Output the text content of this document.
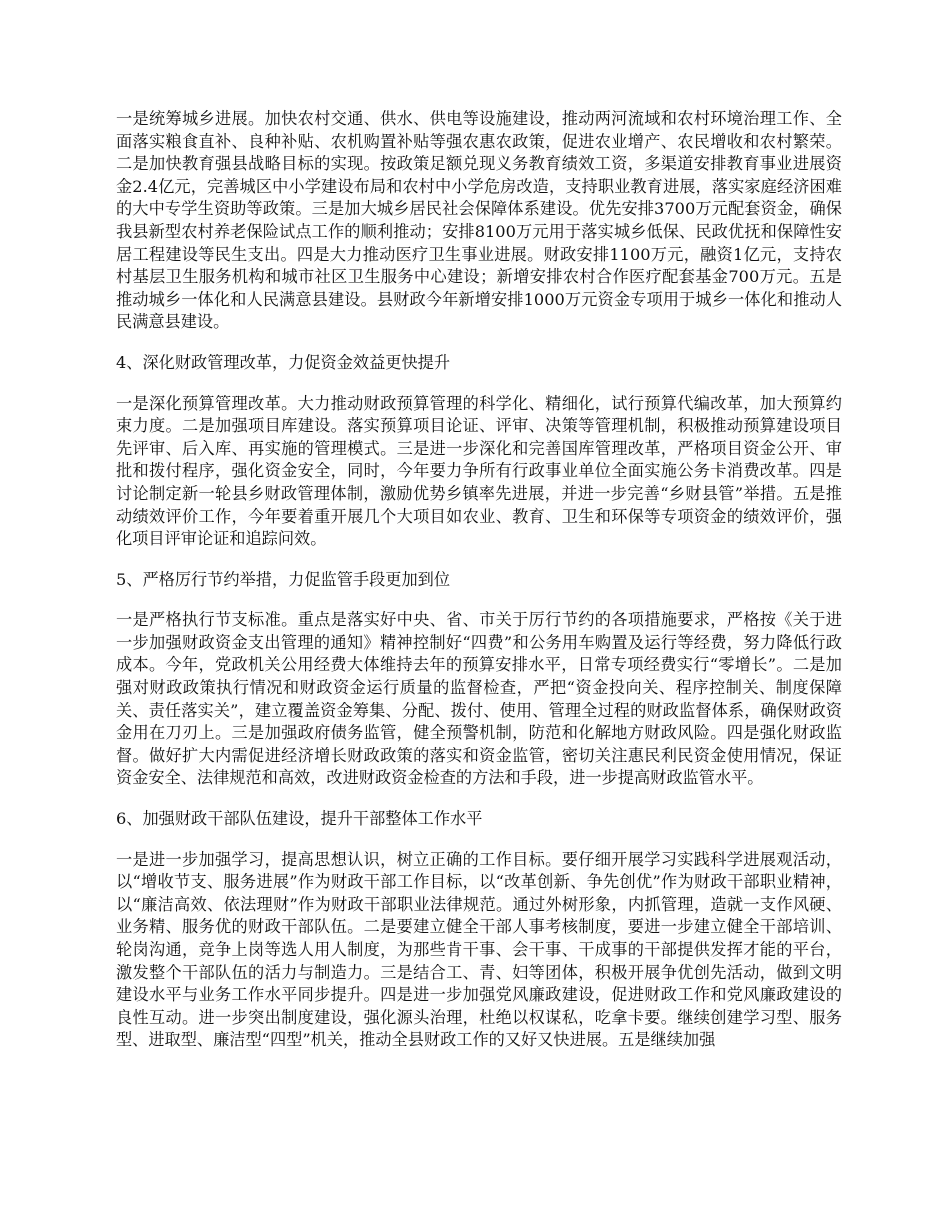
一是统筹城乡进展。加快农村交通、供水、供电等设施建设，推动两河流域和农村环境治理工作、全面落实粮食直补、良种补贴、农机购置补贴等强农惠农政策，促进农业增产、农民增收和农村繁荣。二是加快教育强县战略目标的实现。按政策足额兑现义务教育绩效工资，多渠道安排教育事业进展资金2.4亿元，完善城区中小学建设布局和农村中小学危房改造，支持职业教育进展，落实家庭经济困难的大中专学生资助等政策。三是加大城乡居民社会保障体系建设。优先安排3700万元配套资金，确保我县新型农村养老保险试点工作的顺利推动；安排8100万元用于落实城乡低保、民政优抚和保障性安居工程建设等民生支出。四是大力推动医疗卫生事业进展。财政安排1100万元，融资1亿元，支持农村基层卫生服务机构和城市社区卫生服务中心建设；新增安排农村合作医疗配套基金700万元。五是推动城乡一体化和人民满意县建设。县财政今年新增安排1000万元资金专项用于城乡一体化和推动人民满意县建设。

4、深化财政管理改革，力促资金效益更快提升

一是深化预算管理改革。大力推动财政预算管理的科学化、精细化，试行预算代编改革，加大预算约束力度。二是加强项目库建设。落实预算项目论证、评审、决策等管理机制，积极推动预算建设项目先评审、后入库、再实施的管理模式。三是进一步深化和完善国库管理改革，严格项目资金公开、审批和拨付程序，强化资金安全，同时，今年要力争所有行政事业单位全面实施公务卡消费改革。四是讨论制定新一轮县乡财政管理体制，激励优势乡镇率先进展，并进一步完善“乡财县管”举措。五是推动绩效评价工作，今年要着重开展几个大项目如农业、教育、卫生和环保等专项资金的绩效评价，强化项目评审论证和追踪问效。

5、严格厉行节约举措，力促监管手段更加到位

一是严格执行节支标准。重点是落实好中央、省、市关于厉行节约的各项措施要求，严格按《关于进一步加强财政资金支出管理的通知》精神控制好“四费”和公务用车购置及运行等经费，努力降低行政成本。今年，党政机关公用经费大体维持去年的预算安排水平，日常专项经费实行“零增长”。二是加强对财政政策执行情况和财政资金运行质量的监督检查，严把“资金投向关、程序控制关、制度保障关、责任落实关”，建立覆盖资金筹集、分配、拨付、使用、管理全过程的财政监督体系，确保财政资金用在刀刃上。三是加强政府债务监管，健全预警机制，防范和化解地方财政风险。四是强化财政监督。做好扩大内需促进经济增长财政政策的落实和资金监管，密切关注惠民利民资金使用情况，保证资金安全、法律规范和高效，改进财政资金检查的方法和手段，进一步提高财政监管水平。

6、加强财政干部队伍建设，提升干部整体工作水平

一是进一步加强学习，提高思想认识，树立正确的工作目标。要仔细开展学习实践科学进展观活动，以“增收节支、服务进展”作为财政干部工作目标，以“改革创新、争先创优”作为财政干部职业精神，以“廉洁高效、依法理财”作为财政干部职业法律规范。通过外树形象，内抓管理，造就一支作风硬、业务精、服务优的财政干部队伍。二是要建立健全干部人事考核制度，要进一步建立健全干部培训、轮岗沟通，竞争上岗等选人用人制度，为那些肯干事、会干事、干成事的干部提供发挥才能的平台，激发整个干部队伍的活力与制造力。三是结合工、青、妇等团体，积极开展争优创先活动，做到文明建设水平与业务工作水平同步提升。四是进一步加强党风廉政建设，促进财政工作和党风廉政建设的良性互动。进一步突出制度建设，强化源头治理，杜绝以权谋私，吃拿卡要。继续创建学习型、服务型、进取型、廉洁型“四型”机关，推动全县财政工作的又好又快进展。五是继续加强
